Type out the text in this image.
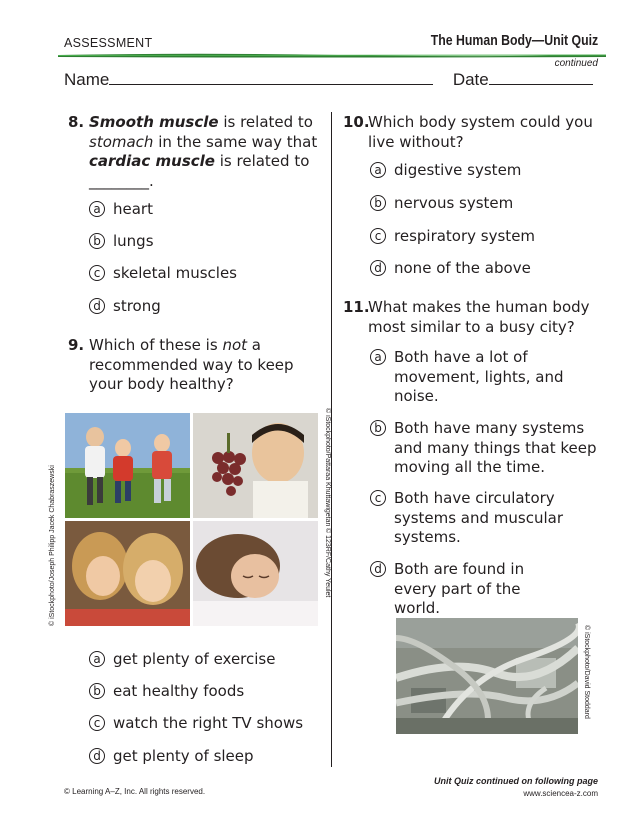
ASSESSMENT	The Human Body—Unit Quiz
continued
Name	Date
8. Smooth muscle is related to stomach in the same way that cardiac muscle is related to ________.
a heart
b lungs
c skeletal muscles
d strong
9. Which of these is not a recommended way to keep your body healthy?
© iStockphoto/Joseph Philipp Jacek Chabraszewski	© iStockphoto/Pattaraa Khuttawigetan
© 123RF/Cathy Yeulet
a get plenty of exercise
b eat healthy foods
c watch the right TV shows
d get plenty of sleep
10.
Which body system could you live without?
a digestive system
b nervous system
c respiratory system
d none of the above
11.
What makes the human body most similar to a busy city?
a Both have a lot of movement, lights, and noise.
b Both have many systems and many things that keep moving all the time.
c Both have circulatory systems and muscular systems.
d Both are found in every part of the world.
© iStockphoto/David Stoddard
© Learning A–Z, Inc. All rights reserved.
Unit Quiz continued on following page
www.sciencea-z.com
